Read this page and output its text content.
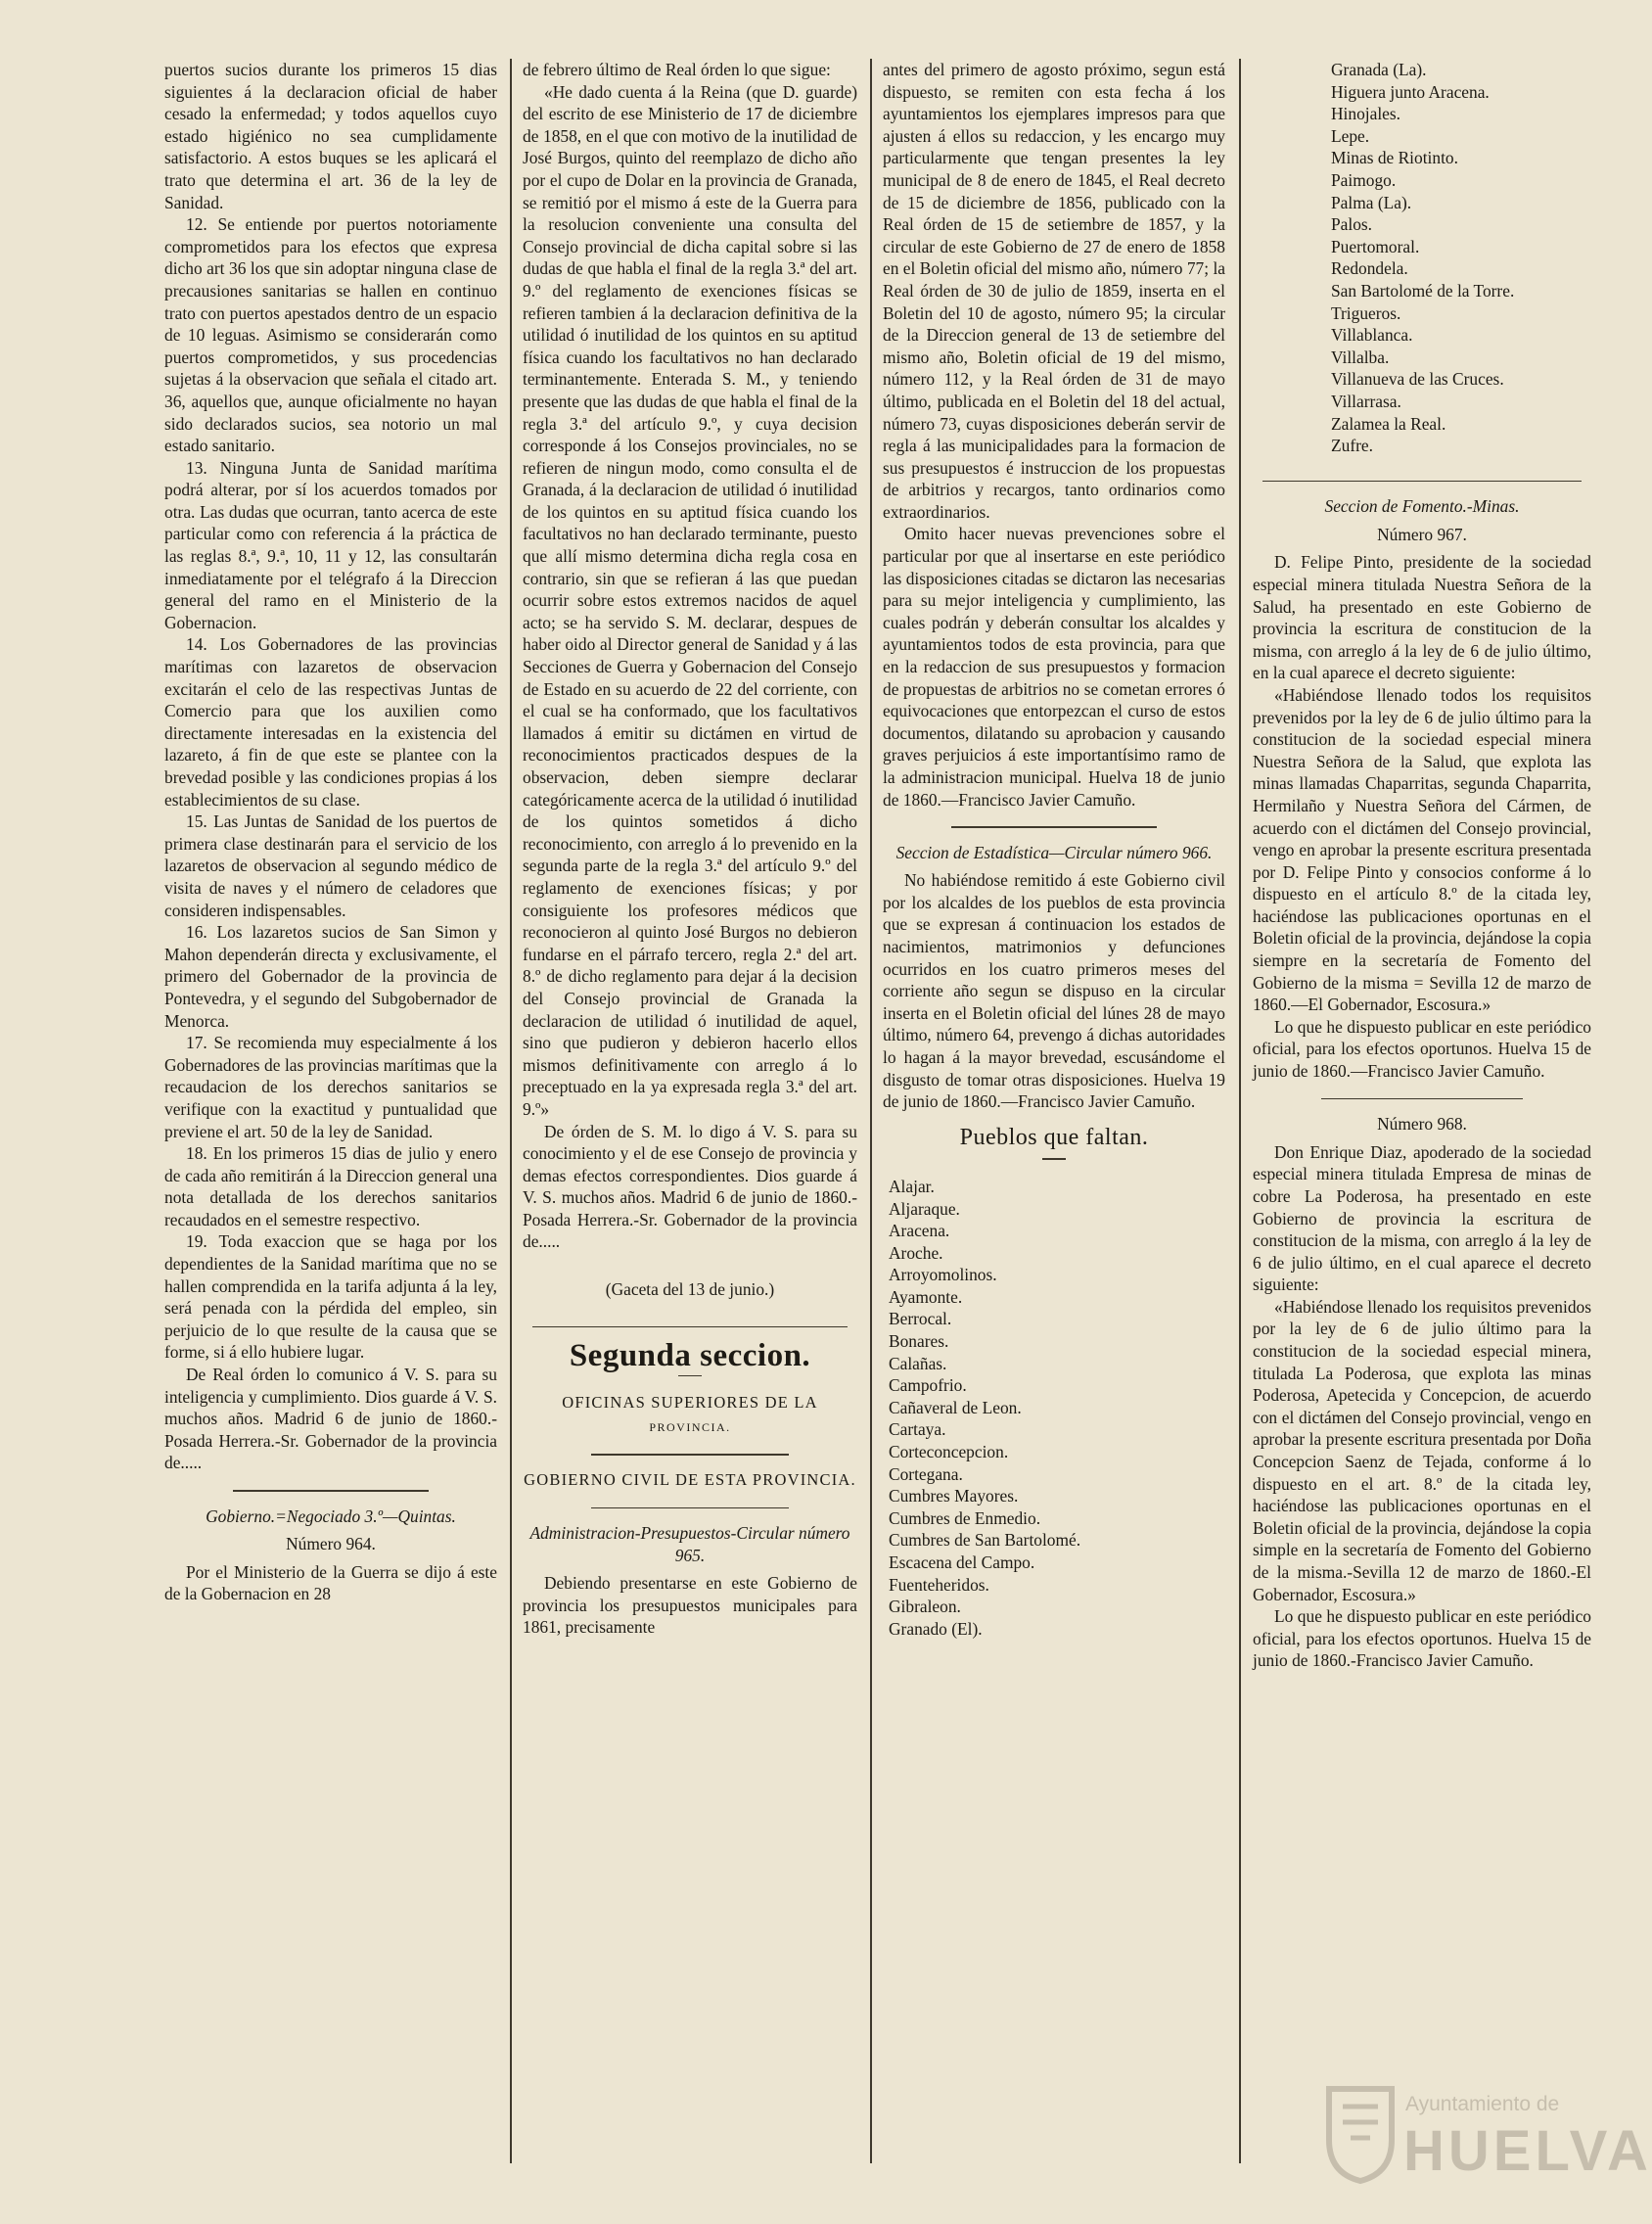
puertos sucios durante los primeros 15 dias siguientes á la declaracion oficial de haber cesado la enfermedad; y todos aquellos cuyo estado higiénico no sea cumplidamente satisfactorio. A estos buques se les aplicará el trato que determina el art. 36 de la ley de Sanidad.

12. Se entiende por puertos notoriamente comprometidos para los efectos que expresa dicho art 36 los que sin adoptar ninguna clase de precausiones sanitarias se hallen en continuo trato con puertos apestados dentro de un espacio de 10 leguas. Asimismo se considerarán como puertos comprometidos, y sus procedencias sujetas á la observacion que señala el citado art. 36, aquellos que, aunque oficialmente no hayan sido declarados sucios, sea notorio un mal estado sanitario.

13. Ninguna Junta de Sanidad marítima podrá alterar, por sí los acuerdos tomados por otra. Las dudas que ocurran, tanto acerca de este particular como con referencia á la práctica de las reglas 8.ª, 9.ª, 10, 11 y 12, las consultarán inmediatamente por el telégrafo á la Direccion general del ramo en el Ministerio de la Gobernacion.

14. Los Gobernadores de las provincias marítimas con lazaretos de observacion excitarán el celo de las respectivas Juntas de Comercio para que los auxilien como directamente interesadas en la existencia del lazareto, á fin de que este se plantee con la brevedad posible y las condiciones propias á los establecimientos de su clase.

15. Las Juntas de Sanidad de los puertos de primera clase destinarán para el servicio de los lazaretos de observacion al segundo médico de visita de naves y el número de celadores que consideren indispensables.

16. Los lazaretos sucios de San Simon y Mahon dependerán directa y exclusivamente, el primero del Gobernador de la provincia de Pontevedra, y el segundo del Subgobernador de Menorca.

17. Se recomienda muy especialmente á los Gobernadores de las provincias marítimas que la recaudacion de los derechos sanitarios se verifique con la exactitud y puntualidad que previene el art. 50 de la ley de Sanidad.

18. En los primeros 15 dias de julio y enero de cada año remitirán á la Direccion general una nota detallada de los derechos sanitarios recaudados en el semestre respectivo.

19. Toda exaccion que se haga por los dependientes de la Sanidad marítima que no se hallen comprendida en la tarifa adjunta á la ley, será penada con la pérdida del empleo, sin perjuicio de lo que resulte de la causa que se forme, si á ello hubiere lugar.

De Real órden lo comunico á V. S. para su inteligencia y cumplimiento. Dios guarde á V. S. muchos años. Madrid 6 de junio de 1860.-Posada Herrera.-Sr. Gobernador de la provincia de.....

Gobierno.=Negociado 3.º—Quintas.

Número 964.

Por el Ministerio de la Guerra se dijo á este de la Gobernacion en 28

de febrero último de Real órden lo que sigue:

«He dado cuenta á la Reina (que D. guarde) del escrito de ese Ministerio de 17 de diciembre de 1858, en el que con motivo de la inutilidad de José Burgos, quinto del reemplazo de dicho año por el cupo de Dolar en la provincia de Granada, se remitió por el mismo á este de la Guerra para la resolucion conveniente una consulta del Consejo provincial de dicha capital sobre si las dudas de que habla el final de la regla 3.ª del art. 9.º del reglamento de exenciones físicas se refieren tambien á la declaracion definitiva de la utilidad ó inutilidad de los quintos en su aptitud física cuando los facultativos no han declarado terminantemente. Enterada S. M., y teniendo presente que las dudas de que habla el final de la regla 3.ª del artículo 9.º, y cuya decision corresponde á los Consejos provinciales, no se refieren de ningun modo, como consulta el de Granada, á la declaracion de utilidad ó inutilidad de los quintos en su aptitud física cuando los facultativos no han declarado terminante, puesto que allí mismo determina dicha regla cosa en contrario, sin que se refieran á las que puedan ocurrir sobre estos extremos nacidos de aquel acto; se ha servido S. M. declarar, despues de haber oido al Director general de Sanidad y á las Secciones de Guerra y Gobernacion del Consejo de Estado en su acuerdo de 22 del corriente, con el cual se ha conformado, que los facultativos llamados á emitir su dictámen en virtud de reconocimientos practicados despues de la observacion, deben siempre declarar categóricamente acerca de la utilidad ó inutilidad de los quintos sometidos á dicho reconocimiento, con arreglo á lo prevenido en la segunda parte de la regla 3.ª del artículo 9.º del reglamento de exenciones físicas; y por consiguiente los profesores médicos que reconocieron al quinto José Burgos no debieron fundarse en el párrafo tercero, regla 2.ª del art. 8.º de dicho reglamento para dejar á la decision del Consejo provincial de Granada la declaracion de utilidad ó inutilidad de aquel, sino que pudieron y debieron hacerlo ellos mismos definitivamente con arreglo á lo preceptuado en la ya expresada regla 3.ª del art. 9.º»

De órden de S. M. lo digo á V. S. para su conocimiento y el de ese Consejo de provincia y demas efectos correspondientes. Dios guarde á V. S. muchos años. Madrid 6 de junio de 1860.-Posada Herrera.-Sr. Gobernador de la provincia de.....

(Gaceta del 13 de junio.)

Segunda seccion.
OFICINAS SUPERIORES DE LA
PROVINCIA.
GOBIERNO CIVIL DE ESTA PROVINCIA.

Administracion-Presupuestos-Circular número 965.

Debiendo presentarse en este Gobierno de provincia los presupuestos municipales para 1861, precisamente

antes del primero de agosto próximo, segun está dispuesto, se remiten con esta fecha á los ayuntamientos los ejemplares impresos para que ajusten á ellos su redaccion, y les encargo muy particularmente que tengan presentes la ley municipal de 8 de enero de 1845, el Real decreto de 15 de diciembre de 1856, publicado con la Real órden de 15 de setiembre de 1857, y la circular de este Gobierno de 27 de enero de 1858 en el Boletin oficial del mismo año, número 77; la Real órden de 30 de julio de 1859, inserta en el Boletin del 10 de agosto, número 95; la circular de la Direccion general de 13 de setiembre del mismo año, Boletin oficial de 19 del mismo, número 112, y la Real órden de 31 de mayo último, publicada en el Boletin del 18 del actual, número 73, cuyas disposiciones deberán servir de regla á las municipalidades para la formacion de sus presupuestos é instruccion de los propuestas de arbitrios y recargos, tanto ordinarios como extraordinarios.

Omito hacer nuevas prevenciones sobre el particular por que al insertarse en este periódico las disposiciones citadas se dictaron las necesarias para su mejor inteligencia y cumplimiento, las cuales podrán y deberán consultar los alcaldes y ayuntamientos todos de esta provincia, para que en la redaccion de sus presupuestos y formacion de propuestas de arbitrios no se cometan errores ó equivocaciones que entorpezcan el curso de estos documentos, dilatando su aprobacion y causando graves perjuicios á este importantísimo ramo de la administracion municipal. Huelva 18 de junio de 1860.—Francisco Javier Camuño.

Seccion de Estadística—Circular número 966.

No habiéndose remitido á este Gobierno civil por los alcaldes de los pueblos de esta provincia que se expresan á continuacion los estados de nacimientos, matrimonios y defunciones ocurridos en los cuatro primeros meses del corriente año segun se dispuso en la circular inserta en el Boletin oficial del lúnes 28 de mayo último, número 64, prevengo á dichas autoridades lo hagan á la mayor brevedad, escusándome el disgusto de tomar otras disposiciones. Huelva 19 de junio de 1860.—Francisco Javier Camuño.

Pueblos que faltan.
Alajar.
Aljaraque.
Aracena.
Aroche.
Arroyomolinos.
Ayamonte.
Berrocal.
Bonares.
Calañas.
Campofrio.
Cañaveral de Leon.
Cartaya.
Corteconcepcion.
Cortegana.
Cumbres Mayores.
Cumbres de Enmedio.
Cumbres de San Bartolomé.
Escacena del Campo.
Fuenteheridos.
Gibraleon.
Granado (El).
Granada (La).
Higuera junto Aracena.
Hinojales.
Lepe.
Minas de Riotinto.
Paimogo.
Palma (La).
Palos.
Puertomoral.
Redondela.
San Bartolomé de la Torre.
Trigueros.
Villablanca.
Villalba.
Villanueva de las Cruces.
Villarrasa.
Zalamea la Real.
Zufre.

Seccion de Fomento.-Minas.

Número 967.

D. Felipe Pinto, presidente de la sociedad especial minera titulada Nuestra Señora de la Salud, ha presentado en este Gobierno de provincia la escritura de constitucion de la misma, con arreglo á la ley de 6 de julio último, en la cual aparece el decreto siguiente:

«Habiéndose llenado todos los requisitos prevenidos por la ley de 6 de julio último para la constitucion de la sociedad especial minera Nuestra Señora de la Salud, que explota las minas llamadas Chaparritas, segunda Chaparrita, Hermilaño y Nuestra Señora del Cármen, de acuerdo con el dictámen del Consejo provincial, vengo en aprobar la presente escritura presentada por D. Felipe Pinto y consocios conforme á lo dispuesto en el artículo 8.º de la citada ley, haciéndose las publicaciones oportunas en el Boletin oficial de la provincia, dejándose la copia siempre en la secretaría de Fomento del Gobierno de la misma = Sevilla 12 de marzo de 1860.—El Gobernador, Escosura.»

Lo que he dispuesto publicar en este periódico oficial, para los efectos oportunos. Huelva 15 de junio de 1860.—Francisco Javier Camuño.

Número 968.

Don Enrique Diaz, apoderado de la sociedad especial minera titulada Empresa de minas de cobre La Poderosa, ha presentado en este Gobierno de provincia la escritura de constitucion de la misma, con arreglo á la ley de 6 de julio último, en el cual aparece el decreto siguiente:

«Habiéndose llenado los requisitos prevenidos por la ley de 6 de julio último para la constitucion de la sociedad especial minera, titulada La Poderosa, que explota las minas Poderosa, Apetecida y Concepcion, de acuerdo con el dictámen del Consejo provincial, vengo en aprobar la presente escritura presentada por Doña Concepcion Saenz de Tejada, conforme á lo dispuesto en el art. 8.º de la citada ley, haciéndose las publicaciones oportunas en el Boletin oficial de la provincia, dejándose la copia simple en la secretaría de Fomento del Gobierno de la misma.-Sevilla 12 de marzo de 1860.-El Gobernador, Escosura.»

Lo que he dispuesto publicar en este periódico oficial, para los efectos oportunos. Huelva 15 de junio de 1860.-Francisco Javier Camuño.

Ayuntamiento de
HUELVA
